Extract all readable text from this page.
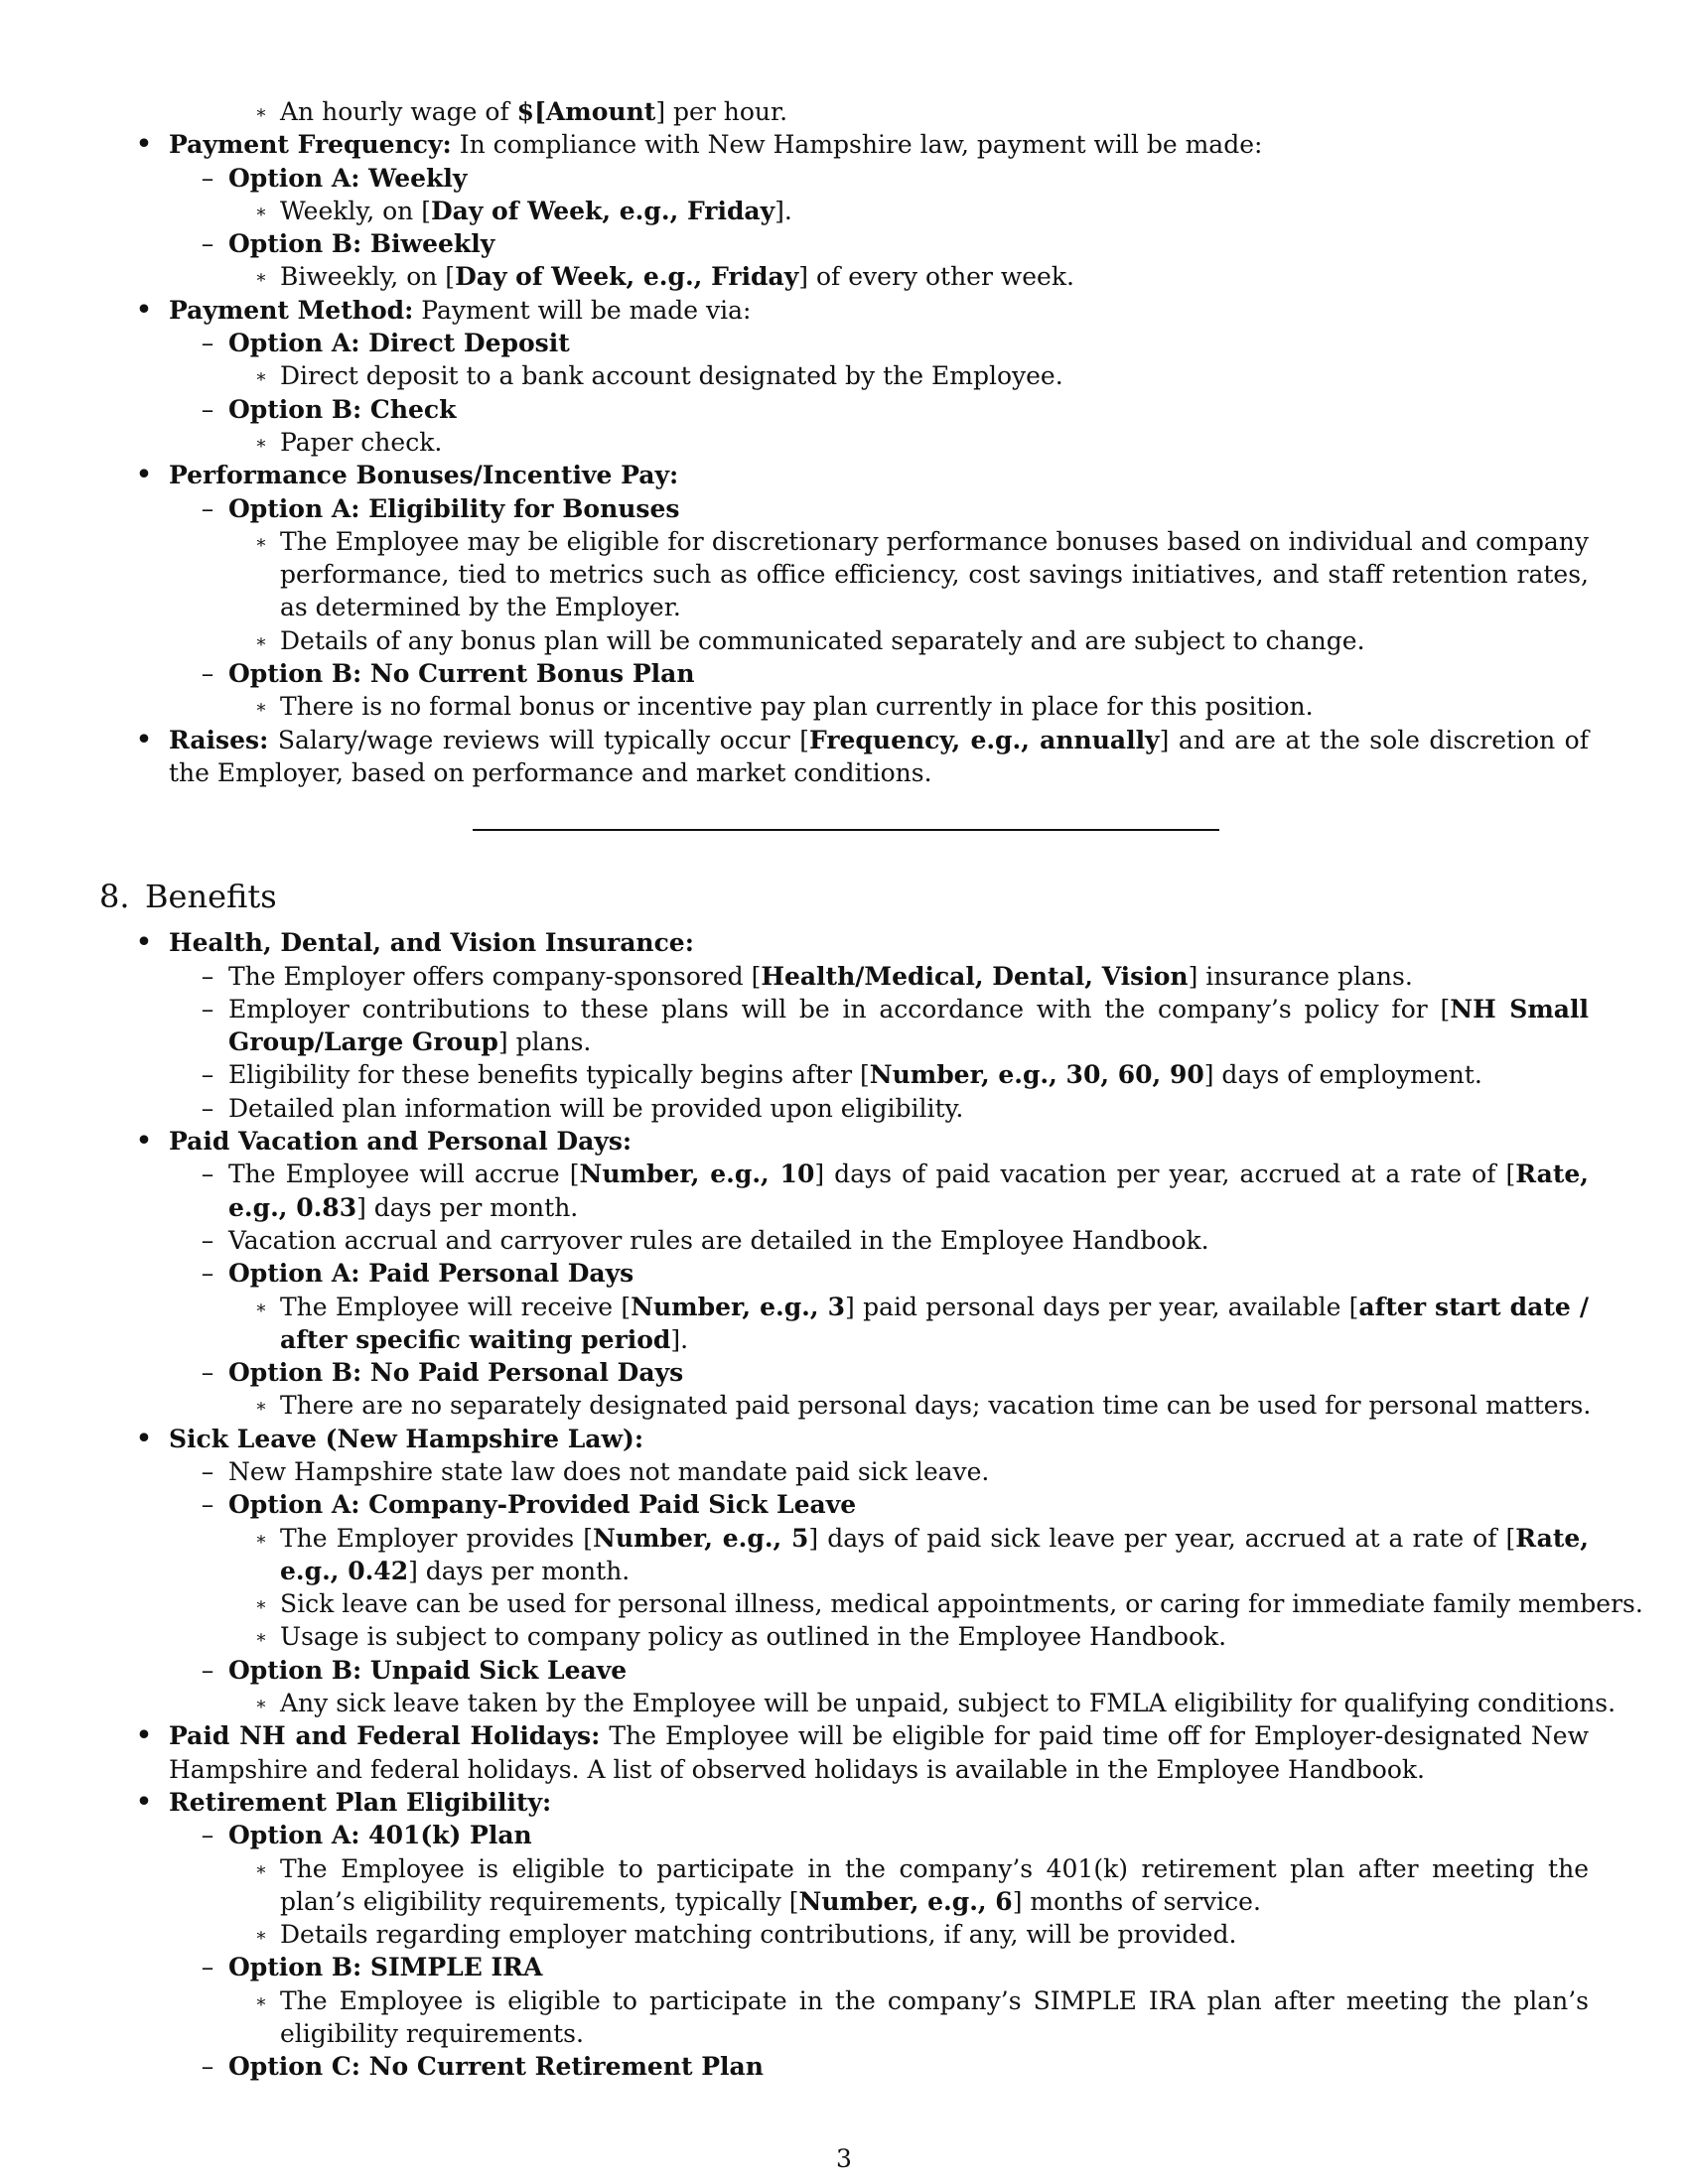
∗ An hourly wage of $[Amount] per hour.
• Payment Frequency: In compliance with New Hampshire law, payment will be made:
– Option A: Weekly
∗ Weekly, on [Day of Week, e.g., Friday].
– Option B: Biweekly
∗ Biweekly, on [Day of Week, e.g., Friday] of every other week.
• Payment Method: Payment will be made via:
– Option A: Direct Deposit
∗ Direct deposit to a bank account designated by the Employee.
– Option B: Check
∗ Paper check.
• Performance Bonuses/Incentive Pay:
– Option A: Eligibility for Bonuses
∗ The Employee may be eligible for discretionary performance bonuses based on individual and company performance, tied to metrics such as office efficiency, cost savings initiatives, and staff retention rates, as determined by the Employer.
∗ Details of any bonus plan will be communicated separately and are subject to change.
– Option B: No Current Bonus Plan
∗ There is no formal bonus or incentive pay plan currently in place for this position.
• Raises: Salary/wage reviews will typically occur [Frequency, e.g., annually] and are at the sole discretion of the Employer, based on performance and market conditions.
8. Benefits
• Health, Dental, and Vision Insurance:
– The Employer offers company-sponsored [Health/Medical, Dental, Vision] insurance plans.
– Employer contributions to these plans will be in accordance with the company’s policy for [NH Small Group/Large Group] plans.
– Eligibility for these benefits typically begins after [Number, e.g., 30, 60, 90] days of employment.
– Detailed plan information will be provided upon eligibility.
• Paid Vacation and Personal Days:
– The Employee will accrue [Number, e.g., 10] days of paid vacation per year, accrued at a rate of [Rate, e.g., 0.83] days per month.
– Vacation accrual and carryover rules are detailed in the Employee Handbook.
– Option A: Paid Personal Days
∗ The Employee will receive [Number, e.g., 3] paid personal days per year, available [after start date / after specific waiting period].
– Option B: No Paid Personal Days
∗ There are no separately designated paid personal days; vacation time can be used for personal matters.
• Sick Leave (New Hampshire Law):
– New Hampshire state law does not mandate paid sick leave.
– Option A: Company-Provided Paid Sick Leave
∗ The Employer provides [Number, e.g., 5] days of paid sick leave per year, accrued at a rate of [Rate, e.g., 0.42] days per month.
∗ Sick leave can be used for personal illness, medical appointments, or caring for immediate family members.
∗ Usage is subject to company policy as outlined in the Employee Handbook.
– Option B: Unpaid Sick Leave
∗ Any sick leave taken by the Employee will be unpaid, subject to FMLA eligibility for qualifying conditions.
• Paid NH and Federal Holidays: The Employee will be eligible for paid time off for Employer-designated New Hampshire and federal holidays. A list of observed holidays is available in the Employee Handbook.
• Retirement Plan Eligibility:
– Option A: 401(k) Plan
∗ The Employee is eligible to participate in the company’s 401(k) retirement plan after meeting the plan’s eligibility requirements, typically [Number, e.g., 6] months of service.
∗ Details regarding employer matching contributions, if any, will be provided.
– Option B: SIMPLE IRA
∗ The Employee is eligible to participate in the company’s SIMPLE IRA plan after meeting the plan’s eligibility requirements.
– Option C: No Current Retirement Plan
3
